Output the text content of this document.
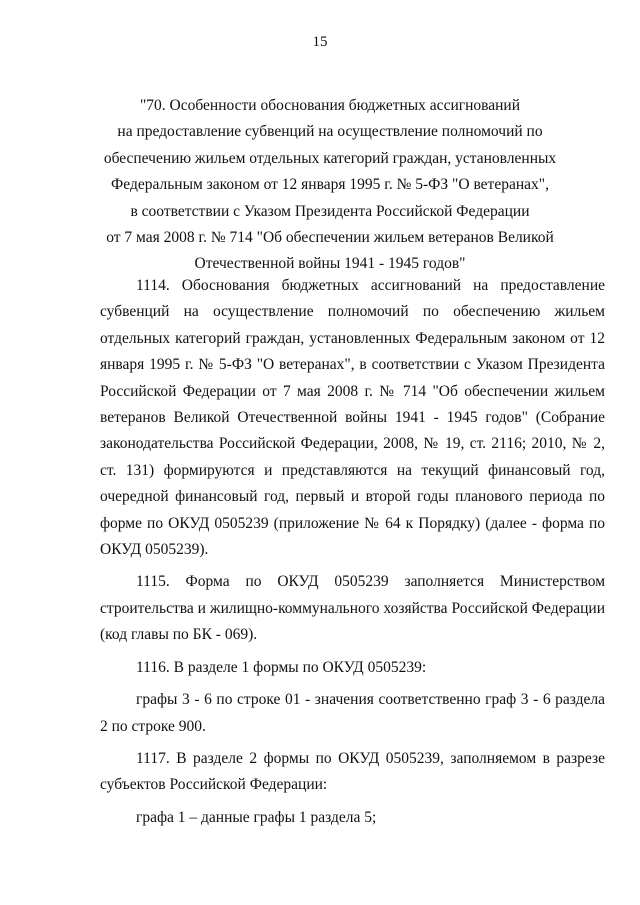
15
"70. Особенности обоснования бюджетных ассигнований
на предоставление субвенций на осуществление полномочий по
обеспечению жильем отдельных категорий граждан, установленных
Федеральным законом от 12 января 1995 г. № 5-ФЗ "О ветеранах",
в соответствии с Указом Президента Российской Федерации
от 7 мая 2008 г. № 714 "Об обеспечении жильем ветеранов Великой
Отечественной войны 1941 - 1945 годов"

1114. Обоснования бюджетных ассигнований на предоставление субвенций на осуществление полномочий по обеспечению жильем отдельных категорий граждан, установленных Федеральным законом от 12 января 1995 г. № 5-ФЗ "О ветеранах", в соответствии с Указом Президента Российской Федерации от 7 мая 2008 г. № 714 "Об обеспечении жильем ветеранов Великой Отечественной войны 1941 - 1945 годов" (Собрание законодательства Российской Федерации, 2008, № 19, ст. 2116; 2010, № 2, ст. 131) формируются и представляются на текущий финансовый год, очередной финансовый год, первый и второй годы планового периода по форме по ОКУД 0505239 (приложение № 64 к Порядку) (далее - форма по ОКУД 0505239).

1115. Форма по ОКУД 0505239 заполняется Министерством строительства и жилищно-коммунального хозяйства Российской Федерации (код главы по БК - 069).

1116. В разделе 1 формы по ОКУД 0505239:

графы 3 - 6 по строке 01 - значения соответственно граф 3 - 6 раздела 2 по строке 900.

1117. В разделе 2 формы по ОКУД 0505239, заполняемом в разрезе субъектов Российской Федерации:

графа 1 – данные графы 1 раздела 5;
